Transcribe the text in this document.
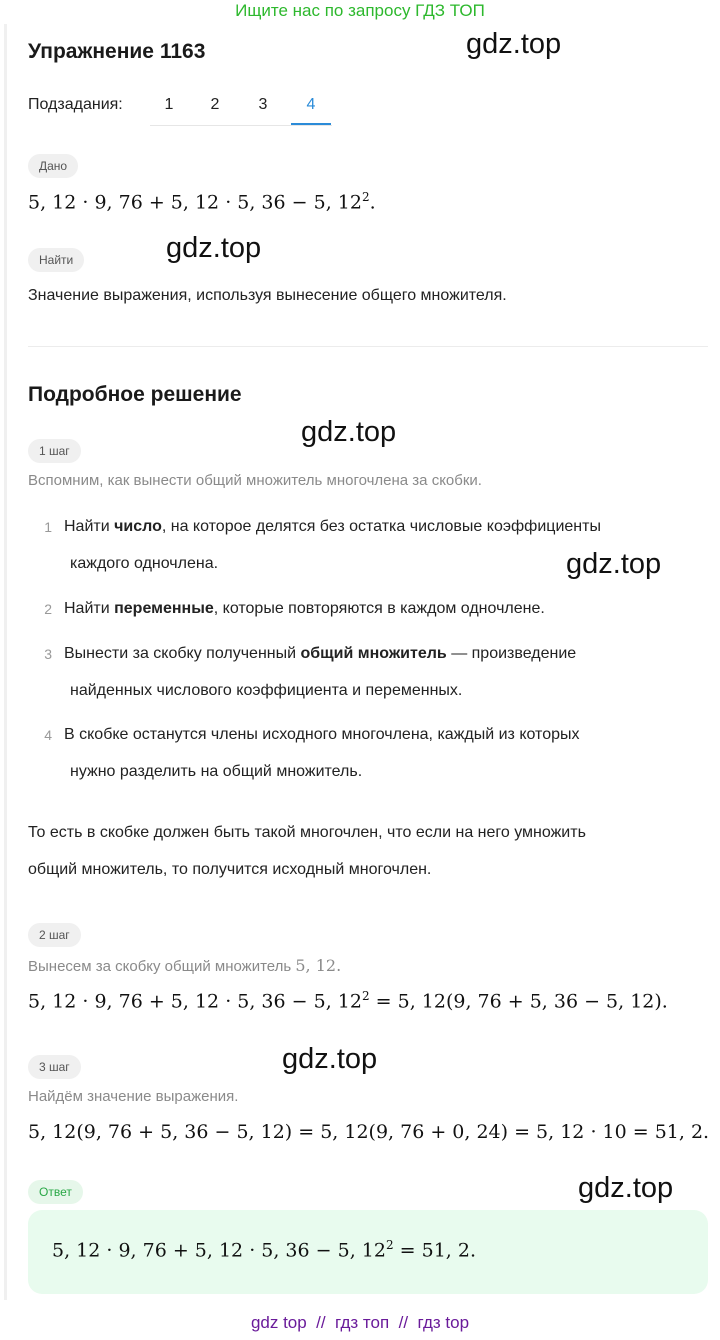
Ищите нас по запросу ГДЗ ТОП
Упражнение 1163
Подзадания:	1	2	3	4
Дано
5, 12 · 9, 76 + 5, 12 · 5, 36 − 5, $12^2$.
Найти
Значение выражения, используя вынесение общего множителя.
Подробное решение
1 шаг
Вспомним, как вынести общий множитель многочлена за скобки.
1 Найти число, на которое делятся без остатка числовые коэффициенты
каждого одночлена.
2 Найти переменные, которые повторяются в каждом одночлене.
3 Вынести за скобку полученный общий множитель — произведение
найденных числового коэффициента и переменных.
4 В скобке останутся члены исходного многочлена, каждый из которых
нужно разделить на общий множитель.
То есть в скобке должен быть такой многочлен, что если на него умножить
общий множитель, то получится исходный многочлен.
2 шаг
Вынесем за скобку общий множитель 5, 12.
5, 12 · 9, 76 + 5, 12 · 5, 36 − 5, $12^2 = 5$, 12(9, 76 + 5, 36 − 5, 12).
3 шаг
Найдём значение выражения.
5, 12(9, 76 + 5, 36 − 5, 12) = 5, 12(9, 76 + 0, 24) = 5, 12 · 10 = 51, 2.
Ответ
5, 12 · 9, 76 + 5, 12 · 5, 36 − 5, $12^2 = 51$, 2.
gdz.top
gdz.top
gdz.top
gdz.top
gdz.top
gdz.top
gdz top  //  гдз топ  //  гдз top
